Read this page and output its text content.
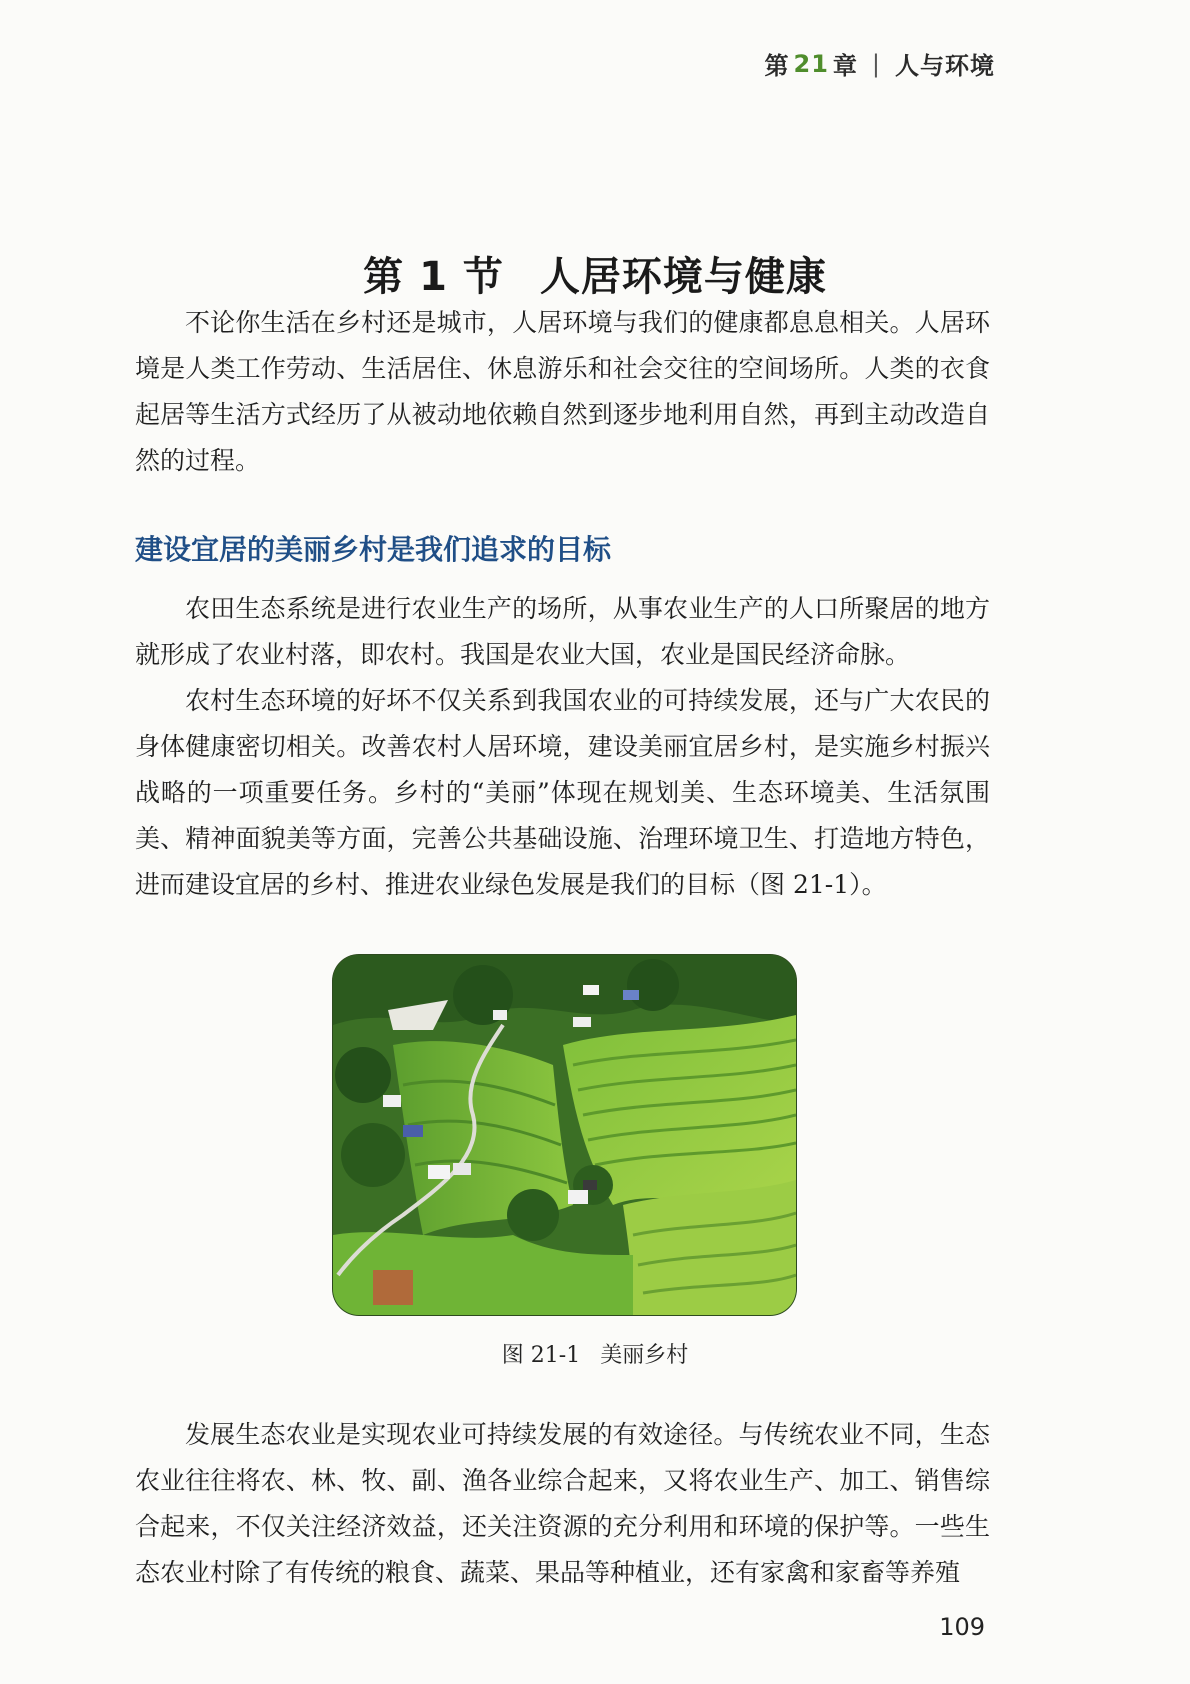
第 21 章 | 人与环境
第 1 节 人居环境与健康

不论你生活在乡村还是城市，人居环境与我们的健康都息息相关。人居环境是人类工作劳动、生活居住、休息游乐和社会交往的空间场所。人类的衣食起居等生活方式经历了从被动地依赖自然到逐步地利用自然，再到主动改造自然的过程。

建设宜居的美丽乡村是我们追求的目标

农田生态系统是进行农业生产的场所，从事农业生产的人口所聚居的地方就形成了农业村落，即农村。我国是农业大国，农业是国民经济命脉。

农村生态环境的好坏不仅关系到我国农业的可持续发展，还与广大农民的身体健康密切相关。改善农村人居环境，建设美丽宜居乡村，是实施乡村振兴战略的一项重要任务。乡村的“美丽”体现在规划美、生态环境美、生活氛围美、精神面貌美等方面，完善公共基础设施、治理环境卫生、打造地方特色，进而建设宜居的乡村、推进农业绿色发展是我们的目标（图 21-1）。

图 21-1 美丽乡村

发展生态农业是实现农业可持续发展的有效途径。与传统农业不同，生态农业往往将农、林、牧、副、渔各业综合起来，又将农业生产、加工、销售综合起来，不仅关注经济效益，还关注资源的充分利用和环境的保护等。一些生态农业村除了有传统的粮食、蔬菜、果品等种植业，还有家禽和家畜等养殖

109
